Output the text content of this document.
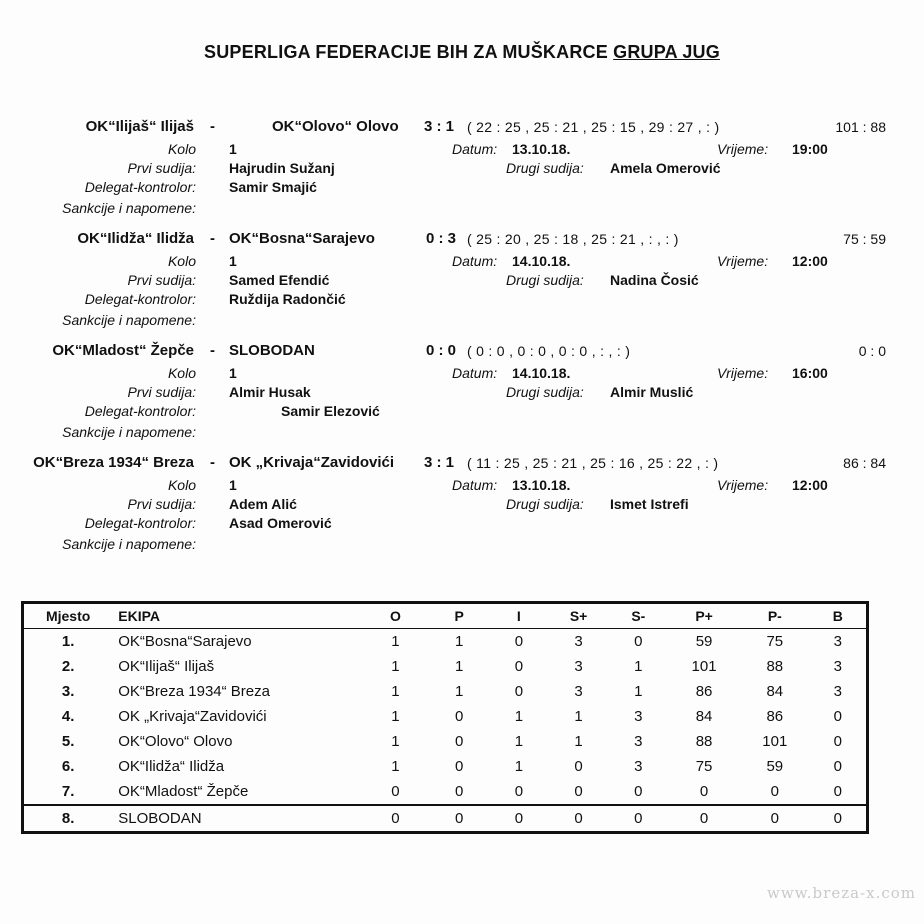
SUPERLIGA FEDERACIJE BIH ZA MUŠKARCE GRUPA JUG
OK“Ilijaš“ Ilijaš -	OK“Olovo“ Olovo 3 : 1 ( 22 : 25 , 25 : 21 , 25 : 15 , 29 : 27 , : )	101 : 88
Kolo 1	Datum: 13.10.18.	Vrijeme: 19:00
Prvi sudija: Hajrudin Sužanj	Drugi sudija: Amela Omerović
Delegat-kontrolor: Samir Smajić
Sankcije i napomene:
OK“Ilidža“ Ilidža - OK“Bosna“Sarajevo	0 : 3 ( 25 : 20 , 25 : 18 , 25 : 21 , : , : )	75 : 59
Kolo 1	Datum: 14.10.18.	Vrijeme: 12:00
Prvi sudija: Samed Efendić	Drugi sudija: Nadina Čosić
Delegat-kontrolor: Ruždija Radončić
Sankcije i napomene:
OK“Mladost“ Žepče - SLOBODAN	0 : 0 ( 0 : 0 , 0 : 0 , 0 : 0 , : , : )	0 : 0
Kolo 1	Datum: 14.10.18.	Vrijeme: 16:00
Prvi sudija: Almir Husak	Drugi sudija: Almir Muslić
Delegat-kontrolor:	Samir Elezović
Sankcije i napomene:
OK“Breza 1934“ Breza - OK „Krivaja“Zavidovići 3 : 1 ( 11 : 25 , 25 : 21 , 25 : 16 , 25 : 22 , : )	86 : 84
Kolo 1	Datum: 13.10.18.	Vrijeme: 12:00
Prvi sudija: Adem Alić	Drugi sudija: Ismet Istrefi
Delegat-kontrolor: Asad Omerović
Sankcije i napomene:
Mjesto	EKIPA	O	P	I	S+	S-	P+	P-	B
1.	OK“Bosna“Sarajevo	1	1	0	3	0	59	75	3
2.	OK“Ilijaš“ Ilijaš	1	1	0	3	1	101	88	3
3.	OK“Breza 1934“ Breza	1	1	0	3	1	86	84	3
4.	OK „Krivaja“Zavidovići	1	0	1	1	3	84	86	0
5.	OK“Olovo“ Olovo	1	0	1	1	3	88	101	0
6.	OK“Ilidža“ Ilidža	1	0	1	0	3	75	59	0
7.	OK“Mladost“ Žepče	0	0	0	0	0	0	0	0
8.	SLOBODAN	0	0	0	0	0	0	0	0
www.breza-x.com
